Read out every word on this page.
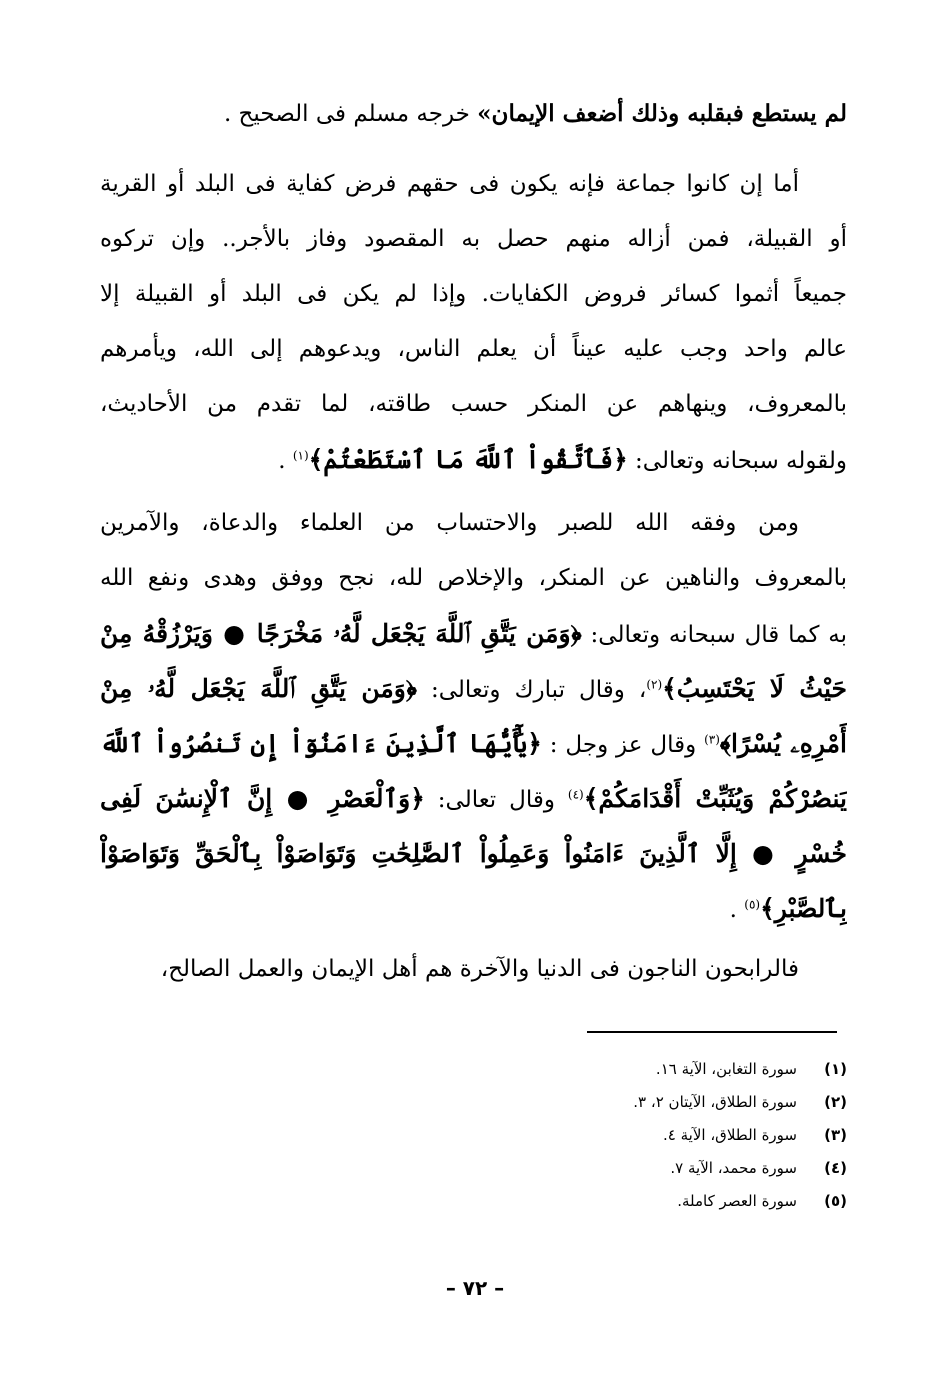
لم يستطع فبقلبه وذلك أضعف الإيمان» خرجه مسلم فى الصحيح .
أما إن كانوا جماعة فإنه يكون فى حقهم فرض كفاية فى البلد أو القرية
أو القبيلة، فمن أزاله منهم حصل به المقصود وفاز بالأجر.. وإن تركوه
جميعاً أثموا كسائر فروض الكفايات. وإذا لم يكن فى البلد أو القبيلة إلا
عالم واحد وجب عليه عيناً أن يعلم الناس، ويدعوهم إلى الله، ويأمرهم
بالمعروف، وينهاهم عن المنكر حسب طاقته، لما تقدم من الأحاديث،
ولقوله سبحانه وتعالى: ﴿فَٱتَّقُواْ ٱللَّهَ مَا ٱسْتَطَعْتُمْ﴾$^{(١)}$ .
ومن وفقه الله للصبر والاحتساب من العلماء والدعاة، والآمرين
بالمعروف والناهين عن المنكر، والإخلاص لله، نجح ووفق وهدى ونفع الله
به كما قال سبحانه وتعالى: ﴿وَمَن يَتَّقِ ٱللَّهَ يَجْعَل لَّهُۥ مَخْرَجًا ● وَيَرْزُقْهُ مِنْ
حَيْثُ لَا يَحْتَسِبُ﴾$^{(٢)}$، وقال تبارك وتعالى: ﴿وَمَن يَتَّقِ ٱللَّهَ يَجْعَل لَّهُۥ مِنْ
أَمْرِهِۦ يُسْرًا﴾$^{(٣)}$ وقال عز وجل : ﴿يَٰٓأَيُّهَا ٱلَّذِينَ ءَامَنُوٓاْ إِن تَنصُرُواْ ٱللَّهَ
يَنصُرْكُمْ وَيُثَبِّتْ أَقْدَامَكُمْ﴾$^{(٤)}$ وقال تعالى: ﴿وَٱلْعَصْرِ ● إِنَّ ٱلْإِنسَٰنَ لَفِى
خُسْرٍ ● إِلَّا ٱلَّذِينَ ءَامَنُواْ وَعَمِلُواْ ٱلصَّٰلِحَٰتِ وَتَوَاصَوْاْ بِٱلْحَقِّ وَتَوَاصَوْاْ
بِٱلصَّبْرِ﴾$^{(٥)}$ .
فالرابحون الناجون فى الدنيا والآخرة هم أهل الإيمان والعمل الصالح،
(١)
سورة التغابن، الآية ١٦.
(٢)
سورة الطلاق، الآيتان ٢، ٣.
(٣)
سورة الطلاق، الآية ٤.
(٤)
سورة محمد، الآية ٧.
(٥)
سورة العصر كاملة.
– ٧٢ –
